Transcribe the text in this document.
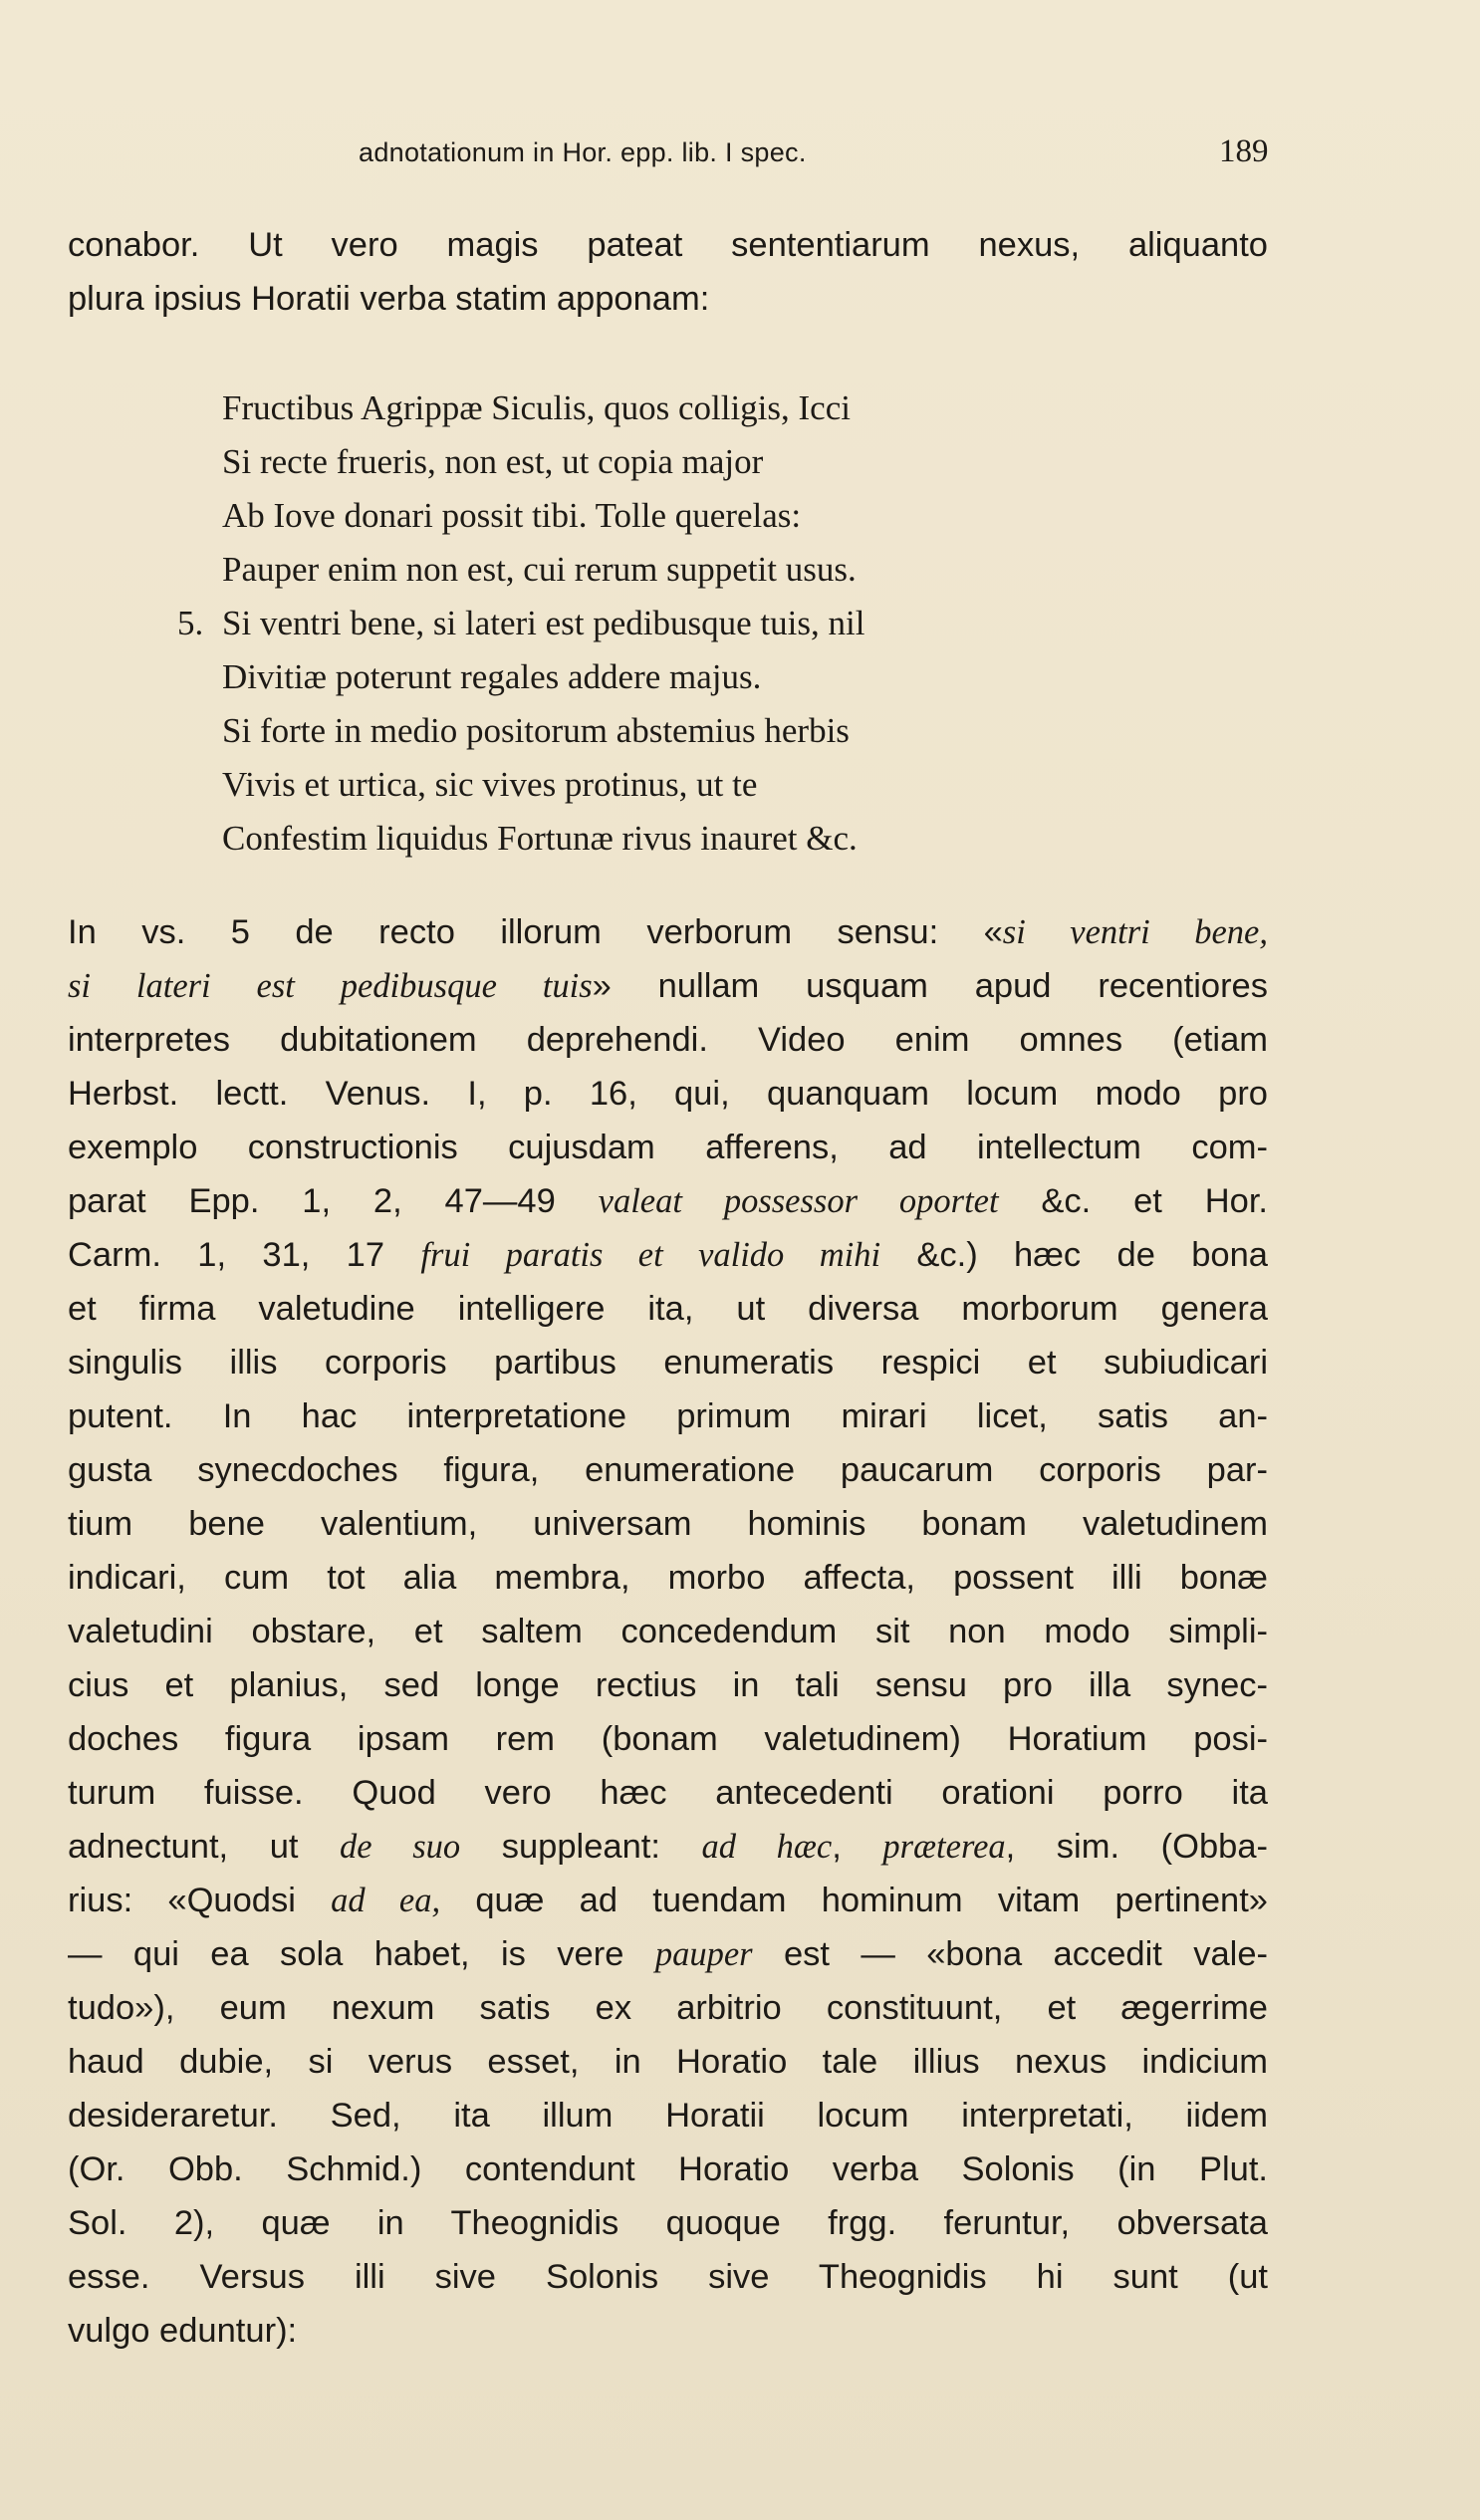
adnotationum in Hor. epp. lib. I spec.	189
conabor. Ut vero magis pateat sententiarum nexus, aliquanto
plura ipsius Horatii verba statim apponam:
Fructibus Agrippæ Siculis, quos colligis, Icci
Si recte frueris, non est, ut copia major
Ab Iove donari possit tibi. Tolle querelas:
Pauper enim non est, cui rerum suppetit usus.
5. Si ventri bene, si lateri est pedibusque tuis, nil
Divitiæ poterunt regales addere majus.
Si forte in medio positorum abstemius herbis
Vivis et urtica, sic vives protinus, ut te
Confestim liquidus Fortunæ rivus inauret &c.
In vs. 5 de recto illorum verborum sensu: «si ventri bene,
si lateri est pedibusque tuis» nullam usquam apud recentiores
interpretes dubitationem deprehendi. Video enim omnes (etiam
Herbst. lectt. Venus. I, p. 16, qui, quanquam locum modo pro
exemplo constructionis cujusdam afferens, ad intellectum com-
parat Epp. 1, 2, 47—49 valeat possessor oportet &c. et Hor.
Carm. 1, 31, 17 frui paratis et valido mihi &c.) hæc de bona
et firma valetudine intelligere ita, ut diversa morborum genera
singulis illis corporis partibus enumeratis respici et subiudicari
putent. In hac interpretatione primum mirari licet, satis an-
gusta synecdoches figura, enumeratione paucarum corporis par-
tium bene valentium, universam hominis bonam valetudinem
indicari, cum tot alia membra, morbo affecta, possent illi bonæ
valetudini obstare, et saltem concedendum sit non modo simpli-
cius et planius, sed longe rectius in tali sensu pro illa synec-
doches figura ipsam rem (bonam valetudinem) Horatium posi-
turum fuisse. Quod vero hæc antecedenti orationi porro ita
adnectunt, ut de suo suppleant: ad hæc, præterea, sim. (Obba-
rius: «Quodsi ad ea, quæ ad tuendam hominum vitam pertinent»
— qui ea sola habet, is vere pauper est — «bona accedit vale-
tudo»), eum nexum satis ex arbitrio constituunt, et ægerrime
haud dubie, si verus esset, in Horatio tale illius nexus indicium
desideraretur. Sed, ita illum Horatii locum interpretati, iidem
(Or. Obb. Schmid.) contendunt Horatio verba Solonis (in Plut.
Sol. 2), quæ in Theognidis quoque frgg. feruntur, obversata
esse. Versus illi sive Solonis sive Theognidis hi sunt (ut
vulgo eduntur):
